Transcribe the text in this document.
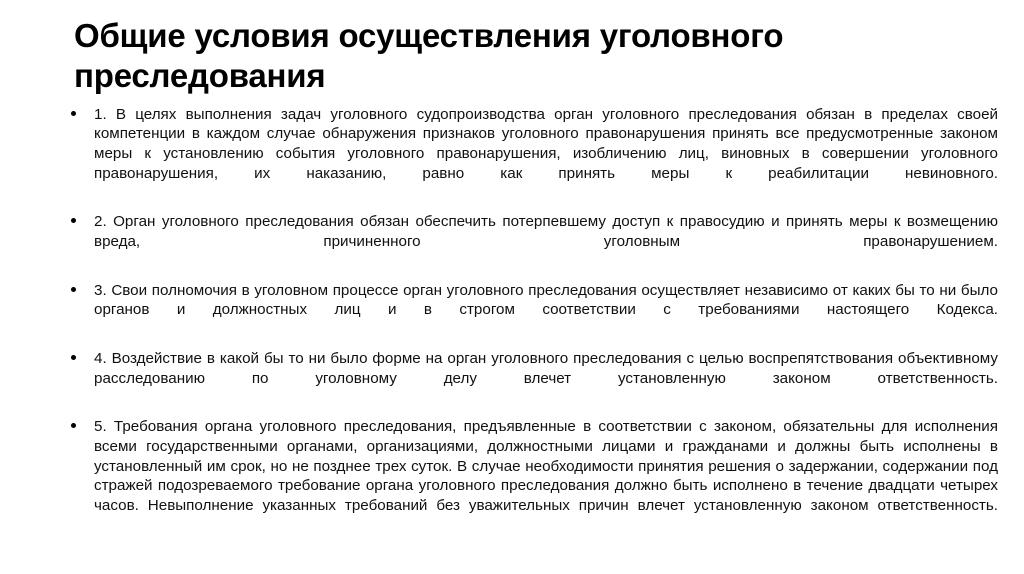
Общие условия осуществления уголовного преследования
1. В целях выполнения задач уголовного судопроизводства орган уголовного преследования обязан в пределах своей компетенции в каждом случае обнаружения признаков уголовного правонарушения принять все предусмотренные законом меры к установлению события уголовного правонарушения, изобличению лиц, виновных в совершении уголовного правонарушения, их наказанию, равно как принять меры к реабилитации невиновного.
2. Орган уголовного преследования обязан обеспечить потерпевшему доступ к правосудию и принять меры к возмещению вреда, причиненного уголовным правонарушением.
3. Свои полномочия в уголовном процессе орган уголовного преследования осуществляет независимо от каких бы то ни было органов и должностных лиц и в строгом соответствии с требованиями настоящего Кодекса.
4. Воздействие в какой бы то ни было форме на орган уголовного преследования с целью воспрепятствования объективному расследованию по уголовному делу влечет установленную законом ответственность.
5. Требования органа уголовного преследования, предъявленные в соответствии с законом, обязательны для исполнения всеми государственными органами, организациями, должностными лицами и гражданами и должны быть исполнены в установленный им срок, но не позднее трех суток. В случае необходимости принятия решения о задержании, содержании под стражей подозреваемого требование органа уголовного преследования должно быть исполнено в течение двадцати четырех часов. Невыполнение указанных требований без уважительных причин влечет установленную законом ответственность.
